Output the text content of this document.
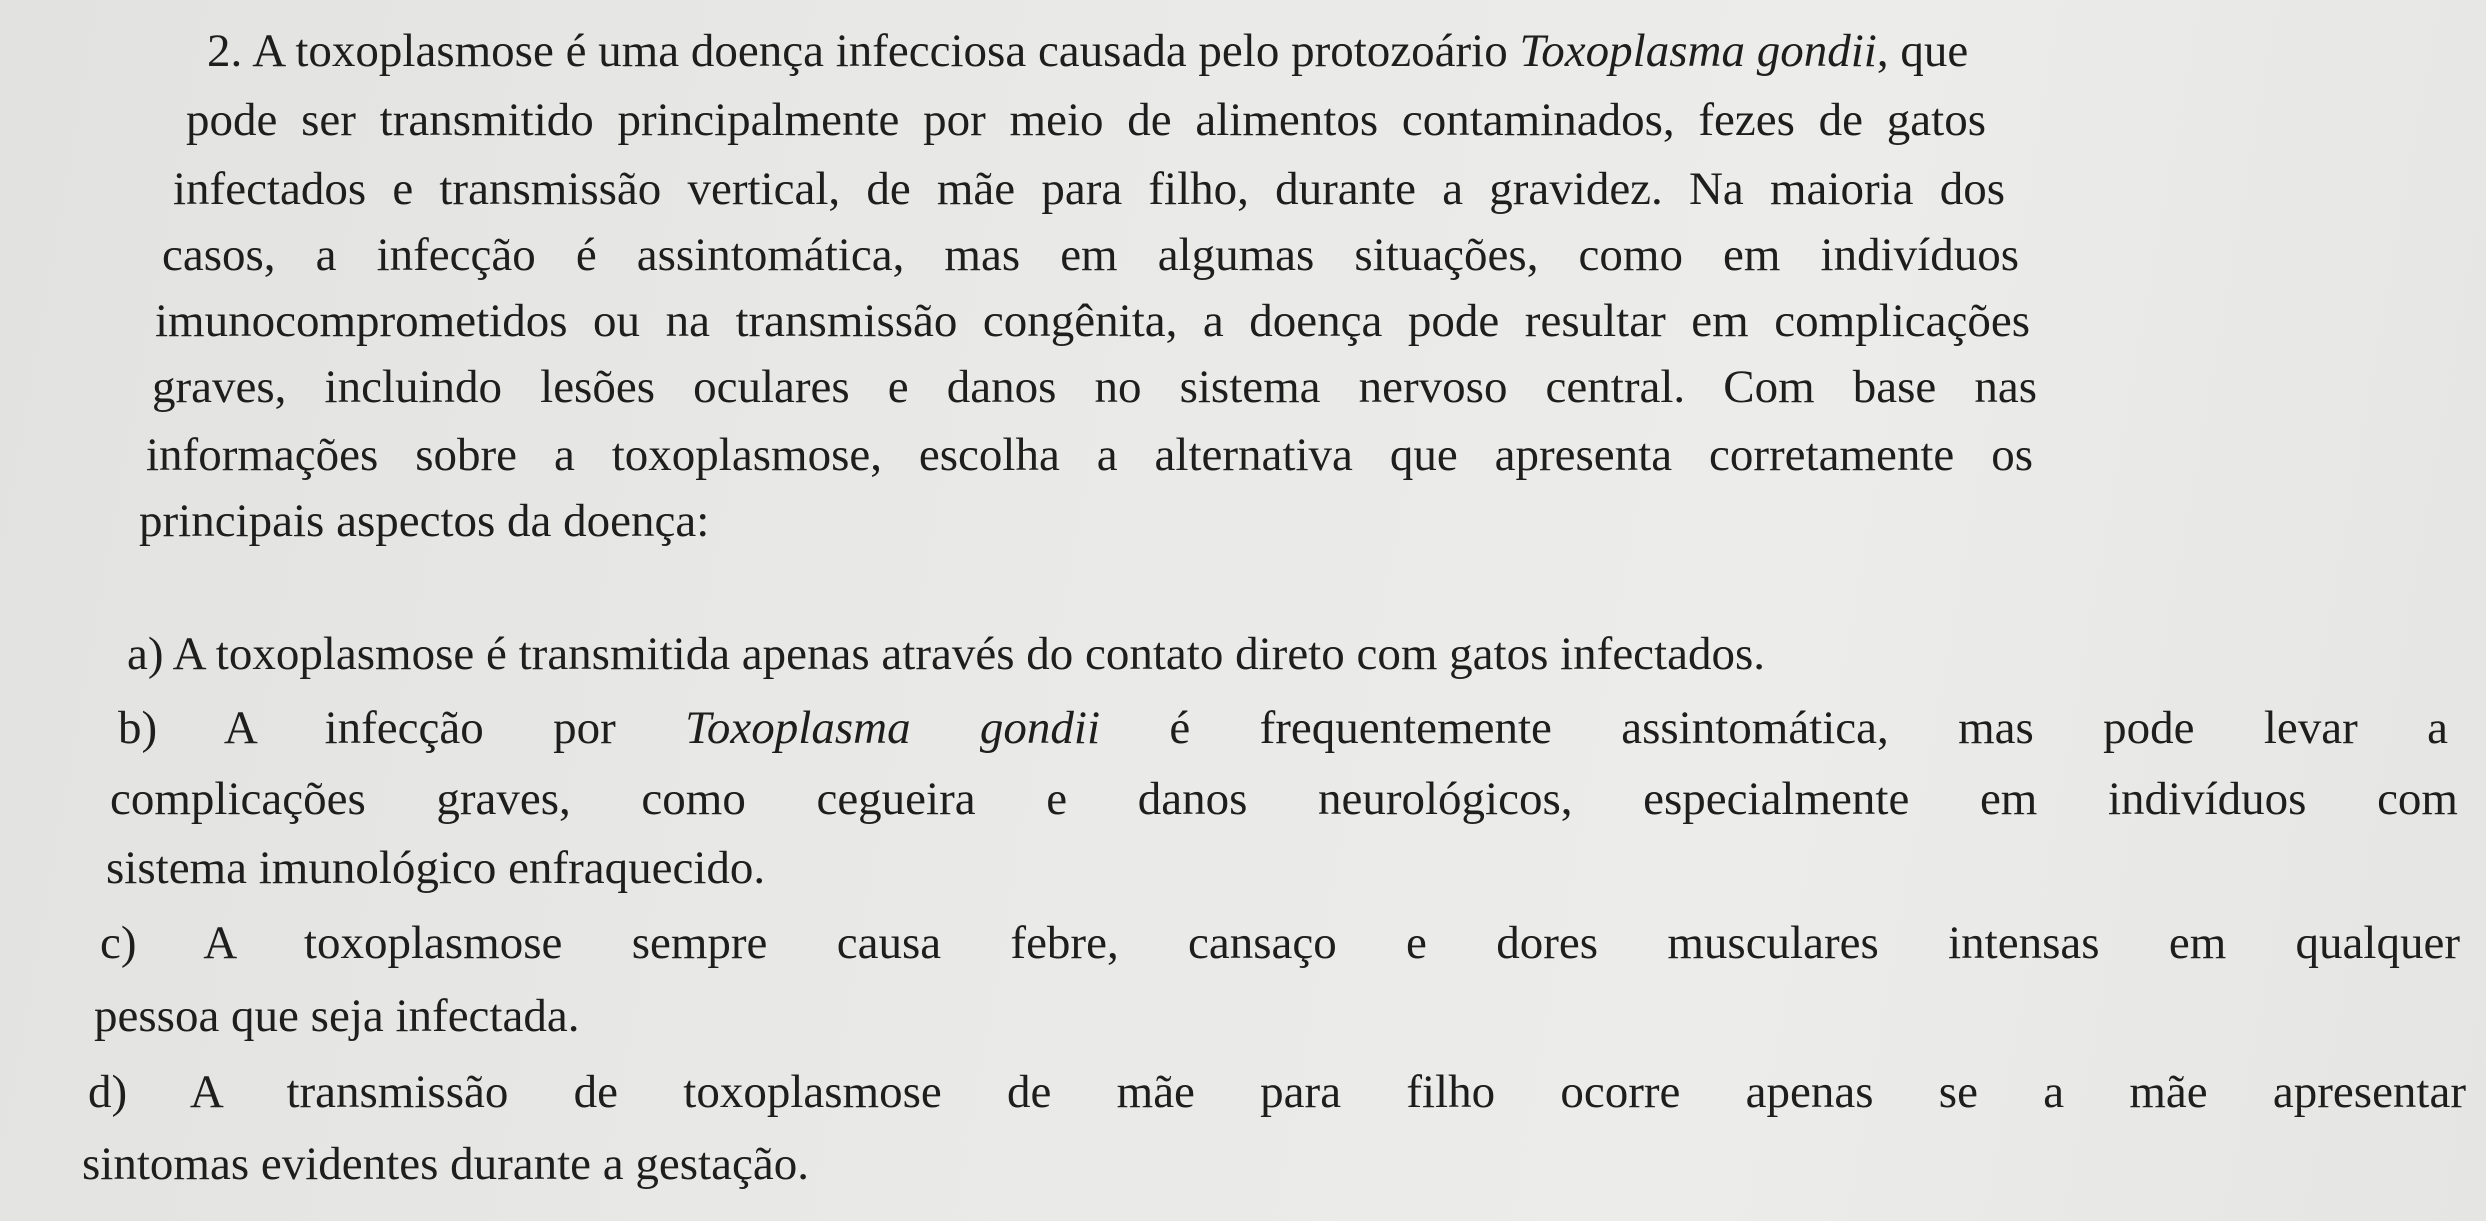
2. A toxoplasmose é uma doença infecciosa causada pelo protozoário Toxoplasma gondii, que
pode ser transmitido principalmente por meio de alimentos contaminados, fezes de gatos
infectados e transmissão vertical, de mãe para filho, durante a gravidez. Na maioria dos
casos, a infecção é assintomática, mas em algumas situações, como em indivíduos
imunocomprometidos ou na transmissão congênita, a doença pode resultar em complicações
graves, incluindo lesões oculares e danos no sistema nervoso central. Com base nas
informações sobre a toxoplasmose, escolha a alternativa que apresenta corretamente os
principais aspectos da doença:
a) A toxoplasmose é transmitida apenas através do contato direto com gatos infectados.
b) A infecção por Toxoplasma gondii é frequentemente assintomática, mas pode levar a
complicações graves, como cegueira e danos neurológicos, especialmente em indivíduos com
sistema imunológico enfraquecido.
c) A toxoplasmose sempre causa febre, cansaço e dores musculares intensas em qualquer
pessoa que seja infectada.
d) A transmissão de toxoplasmose de mãe para filho ocorre apenas se a mãe apresentar
sintomas evidentes durante a gestação.
